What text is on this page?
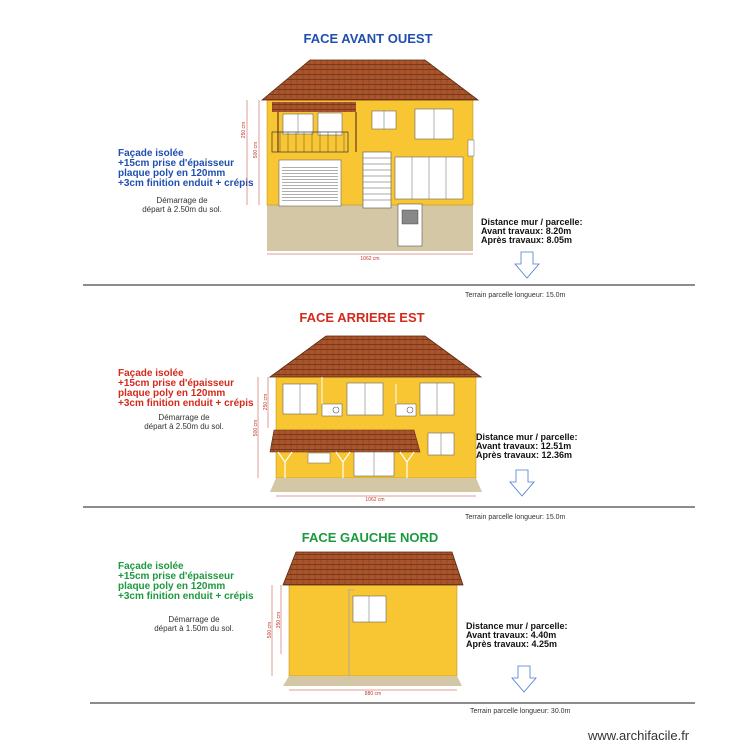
FACE AVANT OUEST
Façade isolée
+15cm prise d'épaisseur
plaque poly en 120mm
+3cm finition enduit + crépis
Démarrage de
départ à 2.50m du sol.
Distance mur / parcelle:
Avant travaux: 8.20m
Après travaux: 8.05m
Terrain parcelle longueur: 15.0m
FACE ARRIERE EST
Façade isolée
+15cm prise d'épaisseur
plaque poly en 120mm
+3cm finition enduit + crépis
Démarrage de
départ à 2.50m du sol.
Distance mur / parcelle:
Avant travaux: 12.51m
Après travaux: 12.36m
Terrain parcelle longueur: 15.0m
FACE GAUCHE NORD
Façade isolée
+15cm prise d'épaisseur
plaque poly en 120mm
+3cm finition enduit + crépis
Démarrage de
départ à 1.50m du sol.	Distance mur / parcelle:
Avant travaux: 4.40m
Après travaux: 4.25m
Terrain parcelle longueur: 30.0m
www.archifacile.fr
1062 cm
250 cm
500 cm
1062 cm
250 cm
500 cm
880 cm
350 cm
500 cm
